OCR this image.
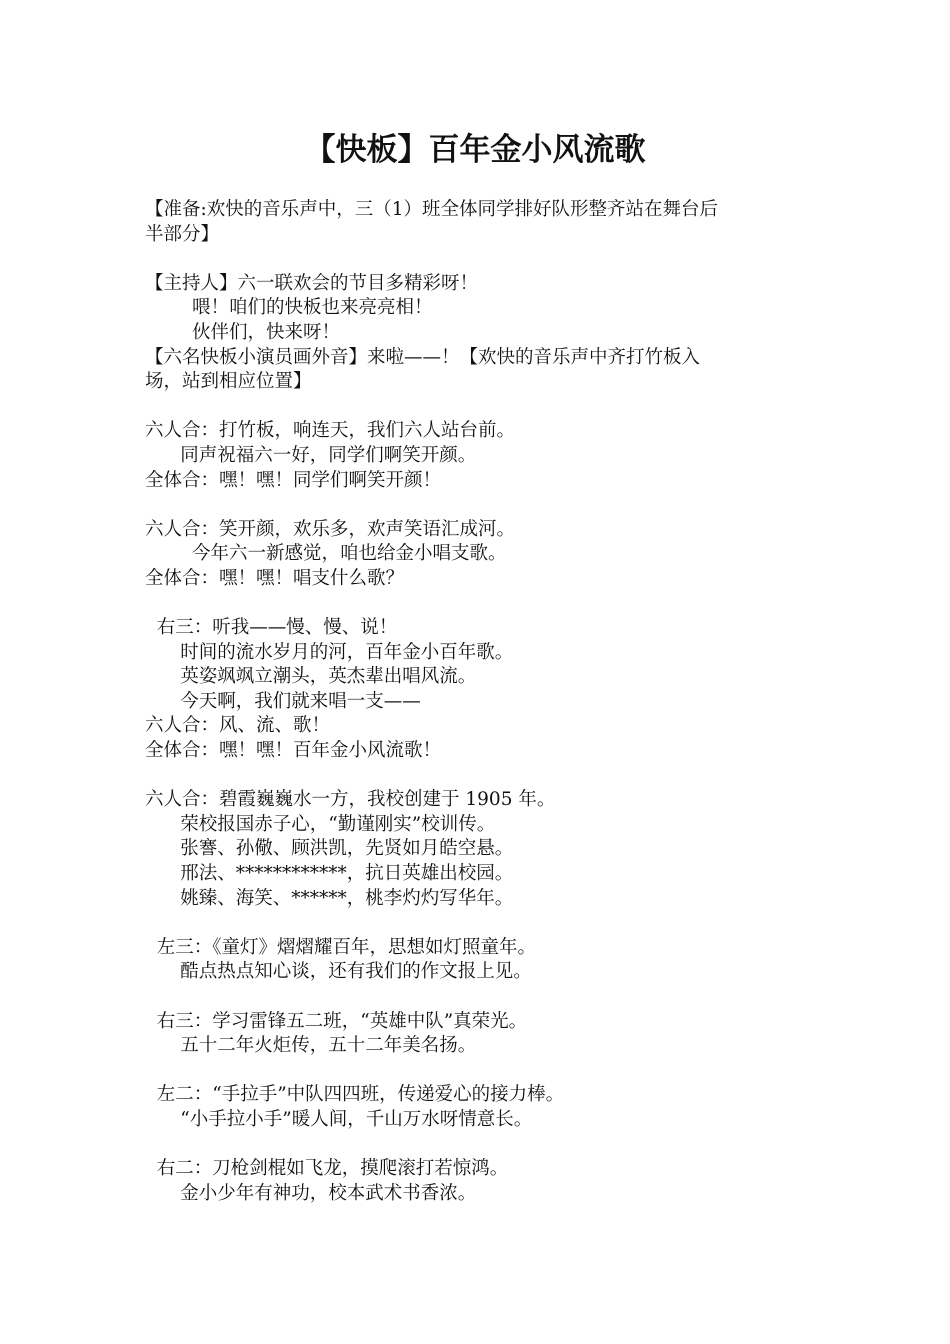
【快板】百年金小风流歌
【准备:欢快的音乐声中，三（1）班全体同学排好队形整齐站在舞台后
半部分】
【主持人】六一联欢会的节目多精彩呀！
喂！咱们的快板也来亮亮相！
伙伴们，快来呀！
【六名快板小演员画外音】来啦——！【欢快的音乐声中齐打竹板入
场，站到相应位置】
六人合：打竹板，响连天，我们六人站台前。
同声祝福六一好，同学们啊笑开颜。
全体合：嘿！嘿！同学们啊笑开颜！
六人合：笑开颜，欢乐多，欢声笑语汇成河。
今年六一新感觉，咱也给金小唱支歌。
全体合：嘿！嘿！唱支什么歌？
右三：听我——慢、慢、说！
时间的流水岁月的河，百年金小百年歌。
英姿飒飒立潮头，英杰辈出唱风流。
今天啊，我们就来唱一支——
六人合：风、流、歌！
全体合：嘿！嘿！百年金小风流歌！
六人合：碧霞巍巍水一方，我校创建于 1905 年。
荣校报国赤子心，“勤谨刚实”校训传。
张謇、孙儆、顾洪凯，先贤如月皓空悬。
邢法、************，抗日英雄出校园。
姚臻、海笑、******，桃李灼灼写华年。
左三：《童灯》熠熠耀百年，思想如灯照童年。
酷点热点知心谈，还有我们的作文报上见。
右三：学习雷锋五二班，“英雄中队”真荣光。
五十二年火炬传，五十二年美名扬。
左二：“手拉手”中队四四班，传递爱心的接力棒。
“小手拉小手”暖人间，千山万水呀情意长。
右二：刀枪剑棍如飞龙，摸爬滚打若惊鸿。
金小少年有神功，校本武术书香浓。
